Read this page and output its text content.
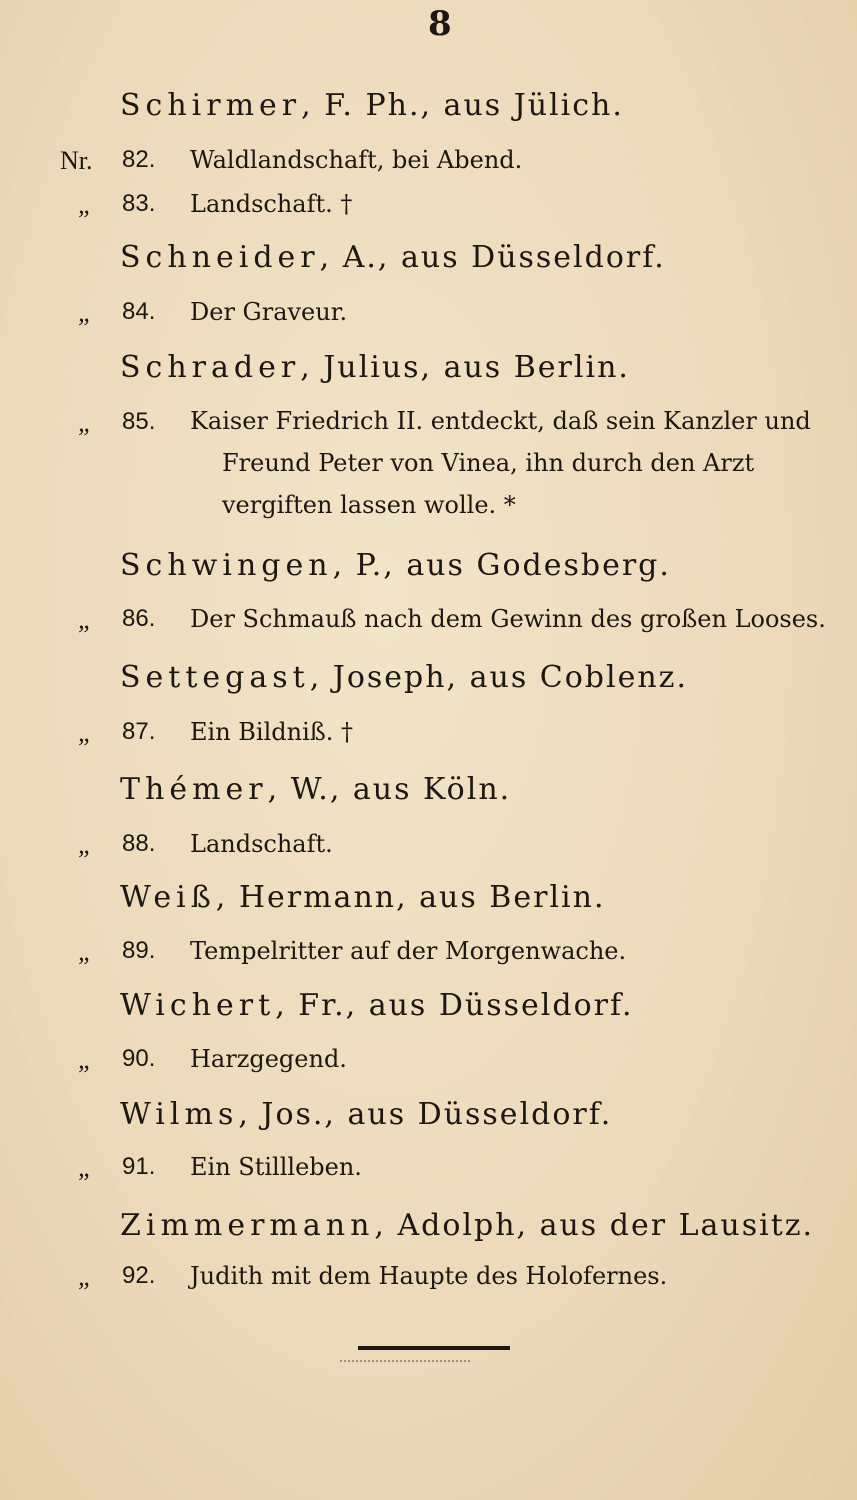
8
Schirmer, F. Ph., aus Jülich.
Nr. 82. Waldlandschaft, bei Abend.
„ 83. Landschaft. †
Schneider, A., aus Düsseldorf.
„ 84. Der Graveur.
Schrader, Julius, aus Berlin.
„ 85. Kaiser Friedrich II. entdeckt, daß sein Kanzler und
Freund Peter von Vinea, ihn durch den Arzt
vergiften lassen wolle. *
Schwingen, P., aus Godesberg.
„ 86. Der Schmauß nach dem Gewinn des großen Looses.
Settegast, Joseph, aus Coblenz.
„ 87. Ein Bildniß. †
Thémer, W., aus Köln.
„ 88. Landschaft.
Weiß, Hermann, aus Berlin.
„ 89. Tempelritter auf der Morgenwache.
Wichert, Fr., aus Düsseldorf.
„ 90. Harzgegend.
Wilms, Jos., aus Düsseldorf.
„ 91. Ein Stillleben.
Zimmermann, Adolph, aus der Lausitz.
„ 92. Judith mit dem Haupte des Holofernes.
